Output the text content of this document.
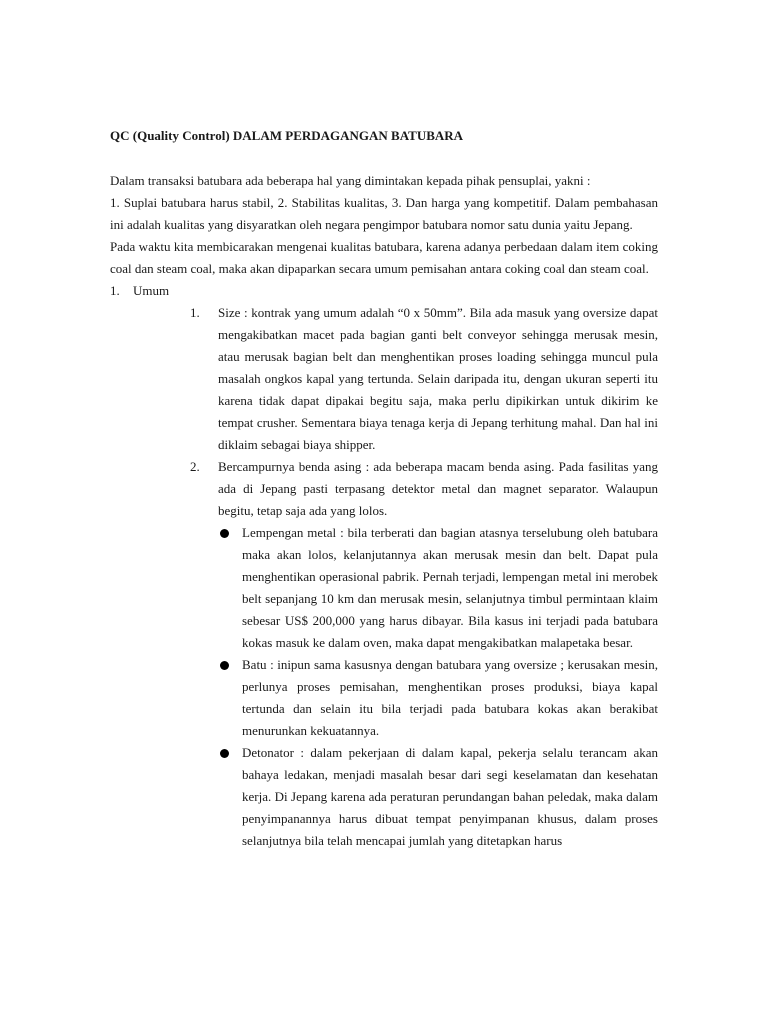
QC (Quality Control) DALAM PERDAGANGAN BATUBARA

Dalam transaksi batubara ada beberapa hal yang dimintakan kepada pihak pensuplai, yakni :

1. Suplai batubara harus stabil, 2. Stabilitas kualitas, 3. Dan harga yang kompetitif. Dalam pembahasan ini adalah kualitas yang disyaratkan oleh negara pengimpor batubara nomor satu dunia yaitu Jepang.

Pada waktu kita membicarakan mengenai kualitas batubara, karena adanya perbedaan dalam item coking coal dan steam coal, maka akan dipaparkan secara umum pemisahan antara coking coal dan steam coal.

1. Umum
1. Size : kontrak yang umum adalah “0 x 50mm”. Bila ada masuk yang oversize dapat mengakibatkan macet pada bagian ganti belt conveyor sehingga merusak mesin, atau merusak bagian belt dan menghentikan proses loading sehingga muncul pula masalah ongkos kapal yang tertunda. Selain daripada itu, dengan ukuran seperti itu karena tidak dapat dipakai begitu saja, maka perlu dipikirkan untuk dikirim ke tempat crusher. Sementara biaya tenaga kerja di Jepang terhitung mahal. Dan hal ini diklaim sebagai biaya shipper.

2. Bercampurnya benda asing : ada beberapa macam benda asing. Pada fasilitas yang ada di Jepang pasti terpasang detektor metal dan magnet separator. Walaupun begitu, tetap saja ada yang lolos.

Lempengan metal : bila terberati dan bagian atasnya terselubung oleh batubara maka akan lolos, kelanjutannya akan merusak mesin dan belt. Dapat pula menghentikan operasional pabrik. Pernah terjadi, lempengan metal ini merobek belt sepanjang 10 km dan merusak mesin, selanjutnya timbul permintaan klaim sebesar US$ 200,000 yang harus dibayar. Bila kasus ini terjadi pada batubara kokas masuk ke dalam oven, maka dapat mengakibatkan malapetaka besar.

Batu : inipun sama kasusnya dengan batubara yang oversize ; kerusakan mesin, perlunya proses pemisahan, menghentikan proses produksi, biaya kapal tertunda dan selain itu bila terjadi pada batubara kokas akan berakibat menurunkan kekuatannya.

Detonator : dalam pekerjaan di dalam kapal, pekerja selalu terancam akan bahaya ledakan, menjadi masalah besar dari segi keselamatan dan kesehatan kerja. Di Jepang karena ada peraturan perundangan bahan peledak, maka dalam penyimpanannya harus dibuat tempat penyimpanan khusus, dalam proses selanjutnya bila telah mencapai jumlah yang ditetapkan harus
